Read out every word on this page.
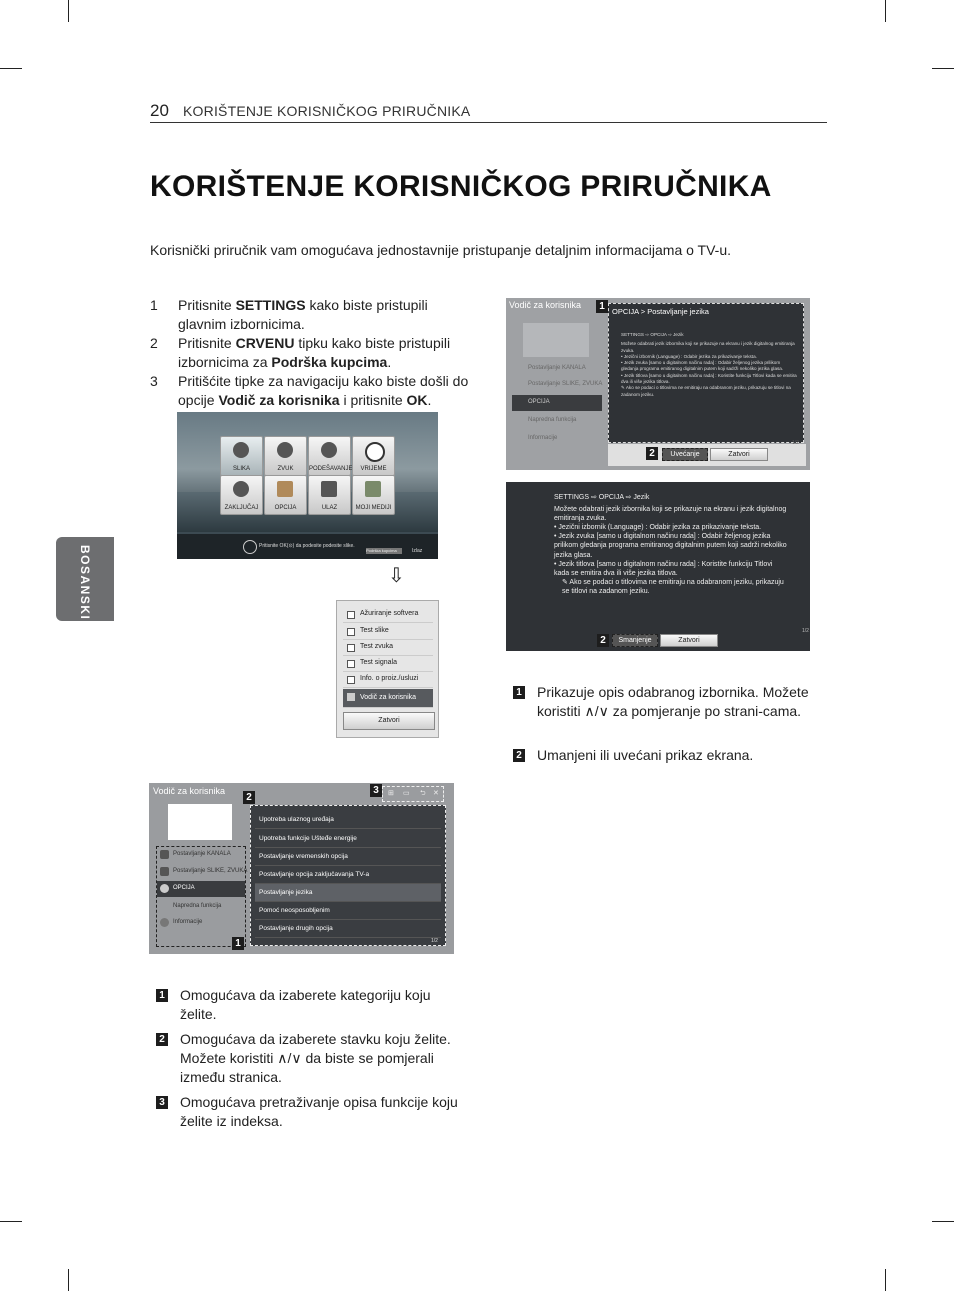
20 KORIŠTENJE KORISNIČKOG PRIRUČNIKA
KORIŠTENJE KORISNIČKOG PRIRUČNIKA
Korisnički priručnik vam omogućava jednostavnije pristupanje detaljnim informacijama o TV-u.
BOSANSKI
1 Pritisnite SETTINGS kako biste pristupili glavnim izbornicima.
2 Pritisnite CRVENU tipku kako biste pristupili izbornicima za Podrška kupcima.
3 Pritišćite tipke za navigaciju kako biste došli do opcije Vodič za korisnika i pritisnite OK.
SLIKA	ZVUK	PODEŠAVANJE	VRIJEME
ZAKLJUČAJ	OPCIJA	ULAZ	MOJI MEDIJI
Pritisnite OK(⊙) da podesite podesite slike.
Podrška kupcima	Izlaz
⇩
Ažuriranje softvera
Test slike
Test zvuka
Test signala
Info. o proiz./usluzi
Vodič za korisnika
Zatvori
Vodič za korisnika
Postavljanje KANALA
Postavljanje SLIKE, ZVUKA
OPCIJA
Napredna funkcija
Informacije
1
2
3	⊞ ▭ ⮌ ✕
Upotreba ulaznog uređaja
Upotreba funkcije Ušteđe energije
Postavljanje vremenskih opcija
Postavljanje opcija zaključavanja TV-a
Postavljanje jezika
Pomoć neosposobljenim
Postavljanje drugih opcija
1/2
Vodič za korisnika	1
Postavljanje KANALA
Postavljanje SLIKE, ZVUKA
OPCIJA
Napredna funkcija
Informacije
OPCIJA > Postavljanje jezika
SETTINGS ⇨ OPCIJA ⇨ Jezik
Možete odabrati jezik izbornika koji se prikazuje na ekranu i jezik digitalnog emitiranja zvuka.
• Jezični izbornik (Language) : Odabir jezika za prikazivanje teksta.
• Jezik zvuka [samo u digitalnom načinu rada] : Odabir željenog jezika prilikom gledanja programa emitiranog digitalnim putem koji sadrži nekoliko jezika glasa.
• Jezik titlova [samo u digitalnom načinu rada] : Koristite funkciju Titlovi kada se emitira dva ili više jezika titlova.
✎ Ako se podaci o titlovima ne emitiraju na odabranom jeziku, prikazuju se titlovi na zadanom jeziku.
2	Uvećanje	Zatvori
1/2
SETTINGS ⇨ OPCIJA ⇨ Jezik
Možete odabrati jezik izbornika koji se prikazuje na ekranu i jezik digitalnog emitiranja zvuka.
• Jezični izbornik (Language) : Odabir jezika za prikazivanje teksta.
• Jezik zvuka [samo u digitalnom načinu rada] : Odabir željenog jezika prilikom gledanja programa emitiranog digitalnim putem koji sadrži nekoliko jezika glasa.
• Jezik titlova [samo u digitalnom načinu rada] : Koristite funkciju Titlovi kada se emitira dva ili više jezika titlova.
✎ Ako se podaci o titlovima ne emitiraju na odabranom jeziku, prikazuju se titlovi na zadanom jeziku.
2	Smanjenje	Zatvori
1/2
1 Omogućava da izaberete kategoriju koju želite.
2 Omogućava da izaberete stavku koju želite. Možete koristiti ∧/∨ da biste se pomjerali između stranica.
3 Omogućava pretraživanje opisa funkcije koju želite iz indeksa.
1 Prikazuje opis odabranog izbornika. Možete koristiti ∧/∨ za pomjeranje po strani-cama.
2 Umanjeni ili uvećani prikaz ekrana.
